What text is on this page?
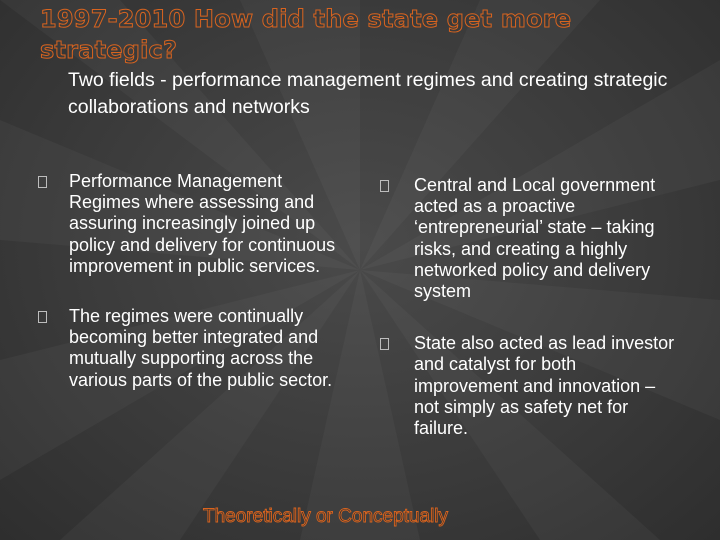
1997-2010 How did the state get more strategic?
Two fields - performance management regimes and creating strategic collaborations and networks
Performance Management Regimes where assessing and assuring increasingly joined up policy and delivery for continuous improvement in public services.
The regimes were continually becoming better integrated and mutually supporting across the various parts of the public sector.
Central and Local government acted as a proactive ‘entrepreneurial’ state – taking risks, and creating a highly networked policy and delivery system
State also acted as lead investor and catalyst for both improvement and innovation – not simply as safety net for failure.
Theoretically or Conceptually
